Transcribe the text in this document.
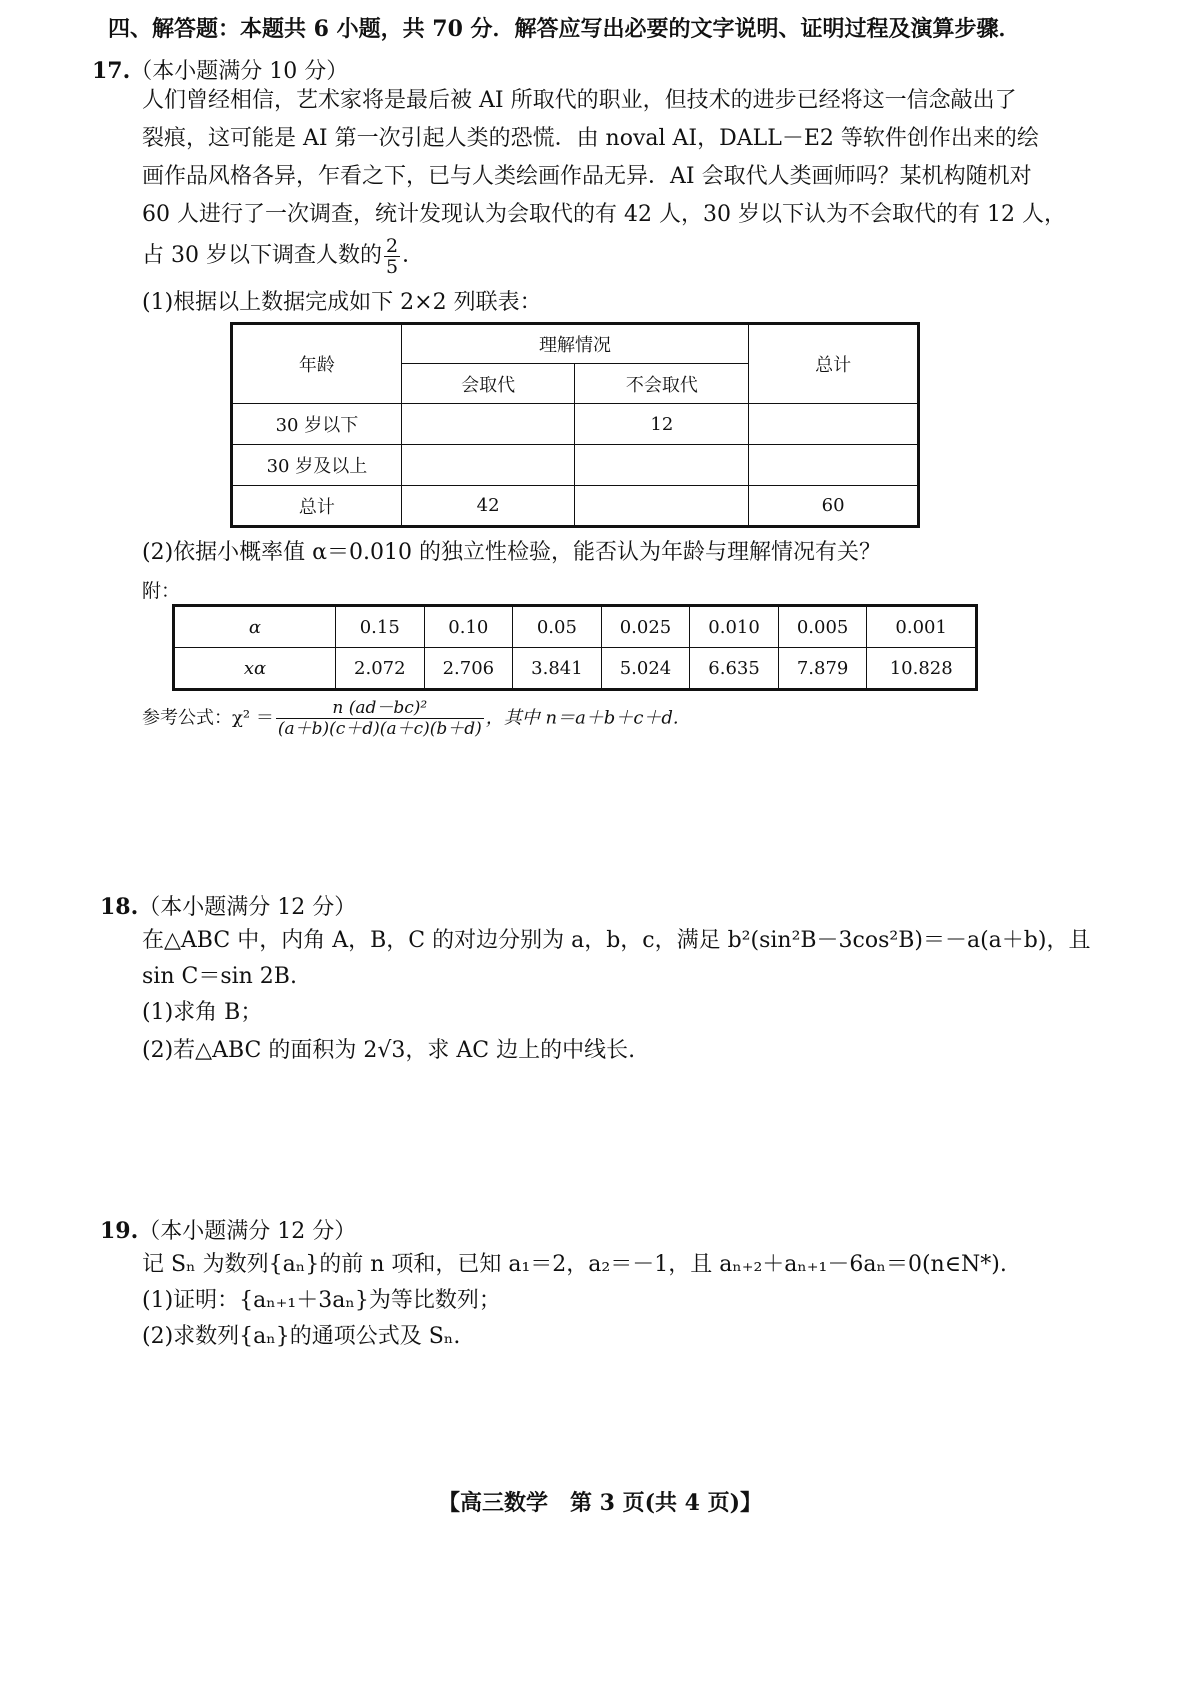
四、解答题：本题共 6 小题，共 70 分．解答应写出必要的文字说明、证明过程及演算步骤．
17.（本小题满分 10 分）
人们曾经相信，艺术家将是最后被 AI 所取代的职业，但技术的进步已经将这一信念敲出了
裂痕，这可能是 AI 第一次引起人类的恐慌．由 noval AI，DALL－E2 等软件创作出来的绘
画作品风格各异，乍看之下，已与人类绘画作品无异．AI 会取代人类画师吗？某机构随机对
60 人进行了一次调查，统计发现认为会取代的有 42 人，30 岁以下认为不会取代的有 12 人，
占 30 岁以下调查人数的 $\frac{2}{5}$ ．
(1)根据以上数据完成如下 2×2 列联表：
年龄	理解情况		总计
	会取代	不会取代	
30 岁以下		12	
30 岁及以上			
总计	42		60
(2)依据小概率值 α＝0.010 的独立性检验，能否认为年龄与理解情况有关？
附：
α	0.15	0.10	0.05	0.025	0.010	0.005	0.001
xα	2.072	2.706	3.841	5.024	6.635	7.879	10.828
参考公式：$\chi^2 = \frac{\text{n (ad－bc)²}}{(a+b)(c+d)(a+c)(b+d)}$ ，其中 n＝a＋b＋c＋d.
18.（本小题满分 12 分）
在△ABC 中，内角 A，B，C 的对边分别为 a，b，c，满足 b²(sin²B－3cos²B)＝－a(a＋b)，且
sin C＝sin 2B.
(1)求角 B；
(2)若△ABC 的面积为 2√3，求 AC 边上的中线长.
19.（本小题满分 12 分）
记 Sₙ 为数列{aₙ}的前 n 项和，已知 a₁＝2，a₂＝－1，且 aₙ₊₂＋aₙ₊₁－6aₙ＝0(n∈N*).
(1)证明：{aₙ₊₁＋3aₙ}为等比数列；
(2)求数列{aₙ}的通项公式及 Sₙ.
【高三数学　第 3 页(共 4 页)】
